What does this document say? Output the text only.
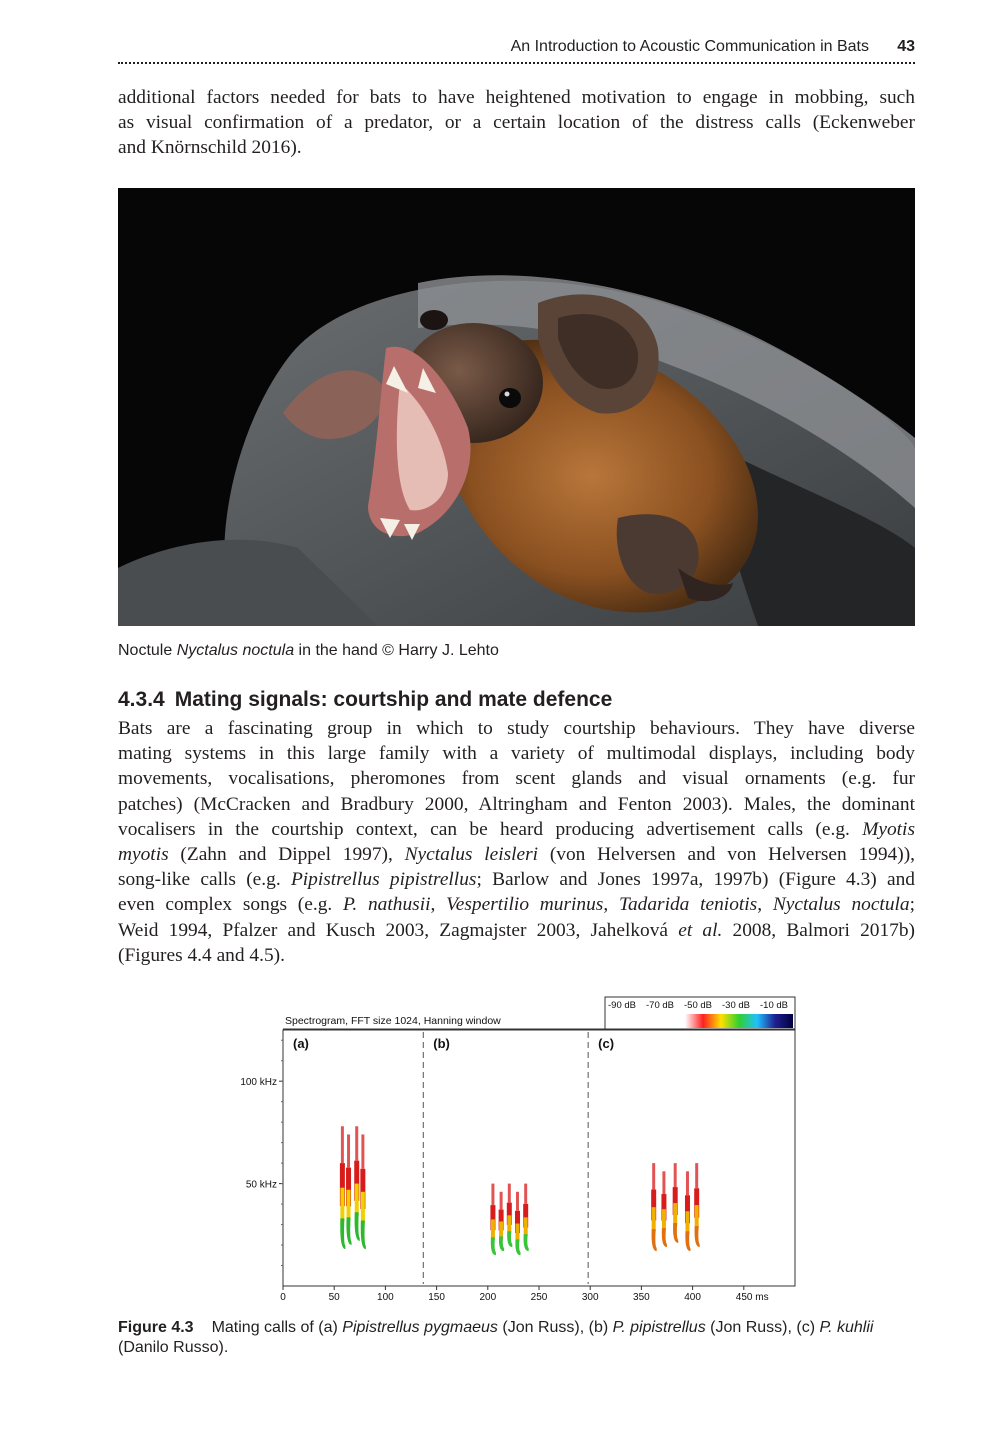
An Introduction to Acoustic Communication in Bats 43

additional factors needed for bats to have heightened motivation to engage in mobbing, such
as visual confirmation of a predator, or a certain location of the distress calls (Eckenweber
and Knörnschild 2016).

Noctule Nyctalus noctula in the hand © Harry J. Lehto
4.3.4 Mating signals: courtship and mate defence

Bats are a fascinating group in which to study courtship behaviours. They have diverse
mating systems in this large family with a variety of multimodal displays, including body
movements, vocalisations, pheromones from scent glands and visual ornaments (e.g. fur
patches) (McCracken and Bradbury 2000, Altringham and Fenton 2003). Males, the dominant
vocalisers in the courtship context, can be heard producing advertisement calls (e.g. Myotis
myotis (Zahn and Dippel 1997), Nyctalus leisleri (von Helversen and von Helversen 1994)),
song-like calls (e.g. Pipistrellus pipistrellus; Barlow and Jones 1997a, 1997b) (Figure 4.3) and
even complex songs (e.g. P. nathusii, Vespertilio murinus, Tadarida teniotis, Nyctalus noctula;
Weid 1994, Pfalzer and Kusch 2003, Zagmajster 2003, Jahelková et al. 2008, Balmori 2017b)
(Figures 4.4 and 4.5).

Spectrogram, FFT size 1024, Hanning window
-90 dB -70 dB -50 dB -30 dB -10 dB
(a)	(b)	(c)
50 kHz
100 kHz
0	50	100	150	200	250	300	350	400	450 ms
Figure 4.3 Mating calls of (a) Pipistrellus pygmaeus (Jon Russ), (b) P. pipistrellus (Jon Russ), (c) P. kuhlii (Danilo Russo).
